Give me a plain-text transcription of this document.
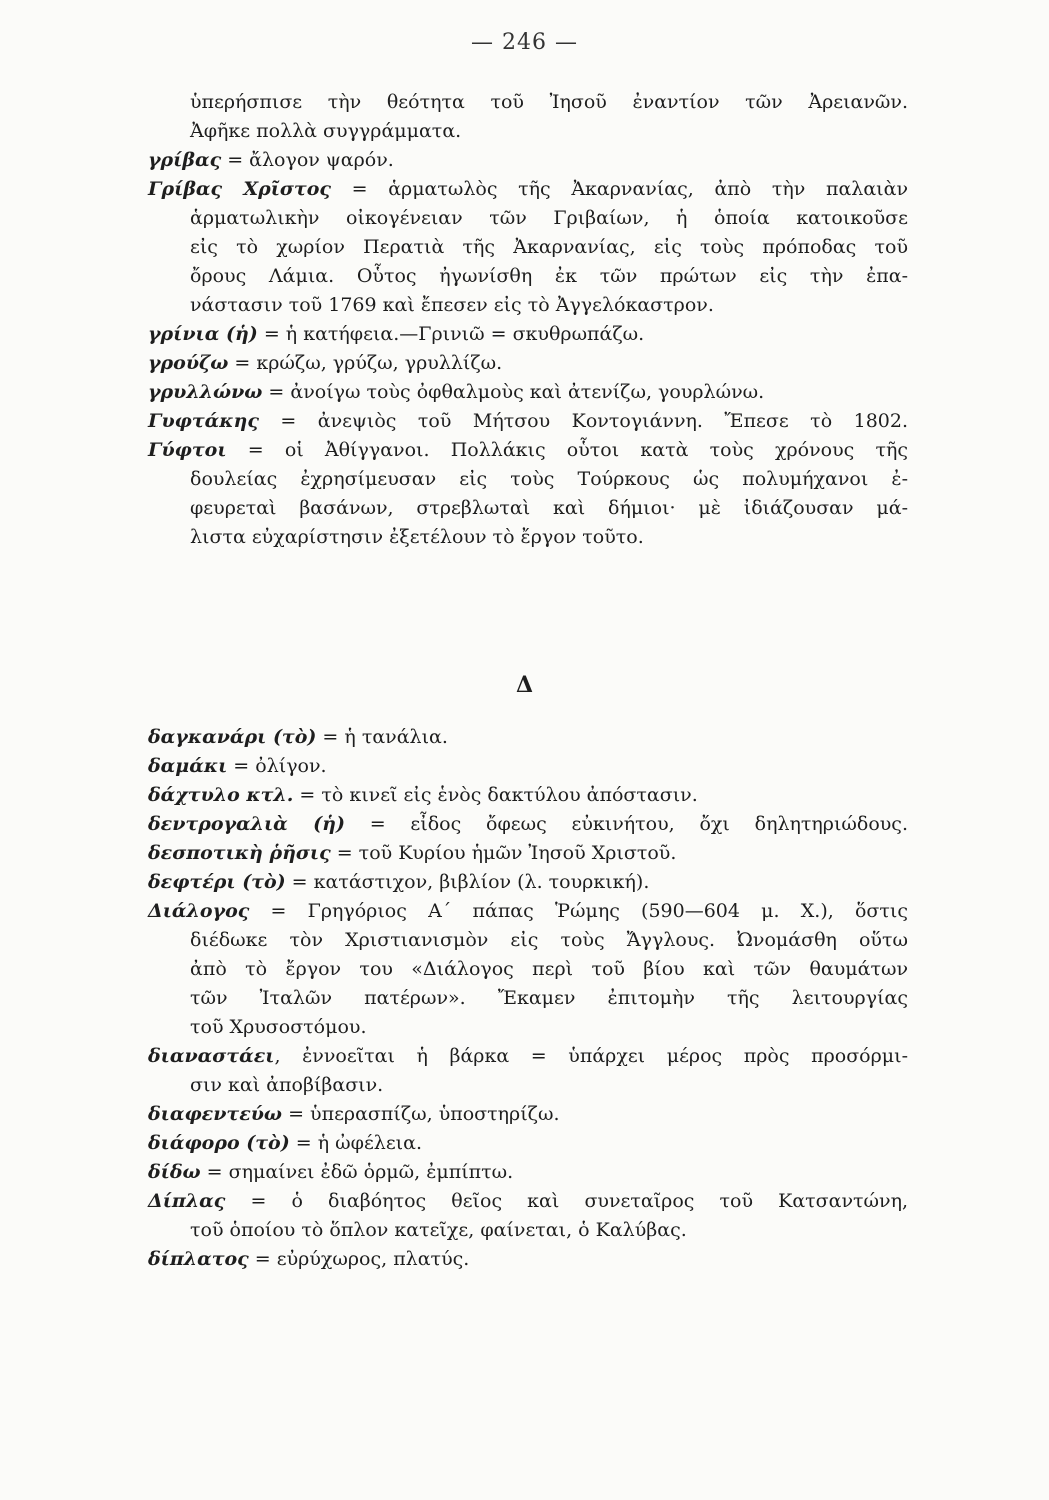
— 246 —
ὑπερήσπισε τὴν θεότητα τοῦ Ἰησοῦ ἐναντίον τῶν Ἀρειανῶν.
Ἀφῆκε πολλὰ συγγράμματα.
γρίβας = ἄλογον ψαρόν.
Γρίβας Χρῖστος = ἁρματωλὸς τῆς Ἀκαρνανίας, ἀπὸ τὴν παλαιὰν
ἁρματωλικὴν οἰκογένειαν τῶν Γριβαίων, ἡ ὁποία κατοικοῦσε
εἰς τὸ χωρίον Περατιὰ τῆς Ἀκαρνανίας, εἰς τοὺς πρόποδας τοῦ
ὄρους Λάμια. Οὗτος ἠγωνίσθη ἐκ τῶν πρώτων εἰς τὴν ἐπα-
νάστασιν τοῦ 1769 καὶ ἔπεσεν εἰς τὸ Ἀγγελόκαστρον.
γρίνια (ἡ) = ἡ κατήφεια.—Γρινιῶ = σκυθρωπάζω.
γρούζω = κρώζω, γρύζω, γρυλλίζω.
γρυλλώνω = ἀνοίγω τοὺς ὀφθαλμοὺς καὶ ἀτενίζω, γουρλώνω.
Γυφτάκης = ἀνεψιὸς τοῦ Μήτσου Κοντογιάννη. Ἔπεσε τὸ 1802.
Γύφτοι = οἱ Ἀθίγγανοι. Πολλάκις οὗτοι κατὰ τοὺς χρόνους τῆς
δουλείας ἐχρησίμευσαν εἰς τοὺς Τούρκους ὡς πολυμήχανοι ἐ-
φευρεταὶ βασάνων, στρεβλωταὶ καὶ δήμιοι· μὲ ἰδιάζουσαν μά-
λιστα εὐχαρίστησιν ἐξετέλουν τὸ ἔργον τοῦτο.
Δ
δαγκανάρι (τὸ) = ἡ τανάλια.
δαμάκι = ὀλίγον.
δάχτυλο κτλ. = τὸ κινεῖ εἰς ἑνὸς δακτύλου ἀπόστασιν.
δεντρογαλιὰ (ἡ) = εἶδος ὄφεως εὐκινήτου, ὄχι δηλητηριώδους.
δεσποτικὴ ῥῆσις = τοῦ Κυρίου ἡμῶν Ἰησοῦ Χριστοῦ.
δεφτέρι (τὸ) = κατάστιχον, βιβλίον (λ. τουρκική).
Διάλογος = Γρηγόριος Α΄ πάπας Ῥώμης (590—604 μ. Χ.), ὅστις
διέδωκε τὸν Χριστιανισμὸν εἰς τοὺς Ἄγγλους. Ὠνομάσθη οὕτω
ἀπὸ τὸ ἔργον του «Διάλογος περὶ τοῦ βίου καὶ τῶν θαυμάτων
τῶν Ἰταλῶν πατέρων». Ἔκαμεν ἐπιτομὴν τῆς λειτουργίας
τοῦ Χρυσοστόμου.
διαναστάει, ἐννοεῖται ἡ βάρκα = ὑπάρχει μέρος πρὸς προσόρμι-
σιν καὶ ἀποβίβασιν.
διαφεντεύω = ὑπερασπίζω, ὑποστηρίζω.
διάφορο (τὸ) = ἡ ὠφέλεια.
δίδω = σημαίνει ἐδῶ ὁρμῶ, ἐμπίπτω.
Δίπλας = ὁ διαβόητος θεῖος καὶ συνεταῖρος τοῦ Κατσαντώνη,
τοῦ ὁποίου τὸ ὅπλον κατεῖχε, φαίνεται, ὁ Καλύβας.
δίπλατος = εὐρύχωρος, πλατύς.
